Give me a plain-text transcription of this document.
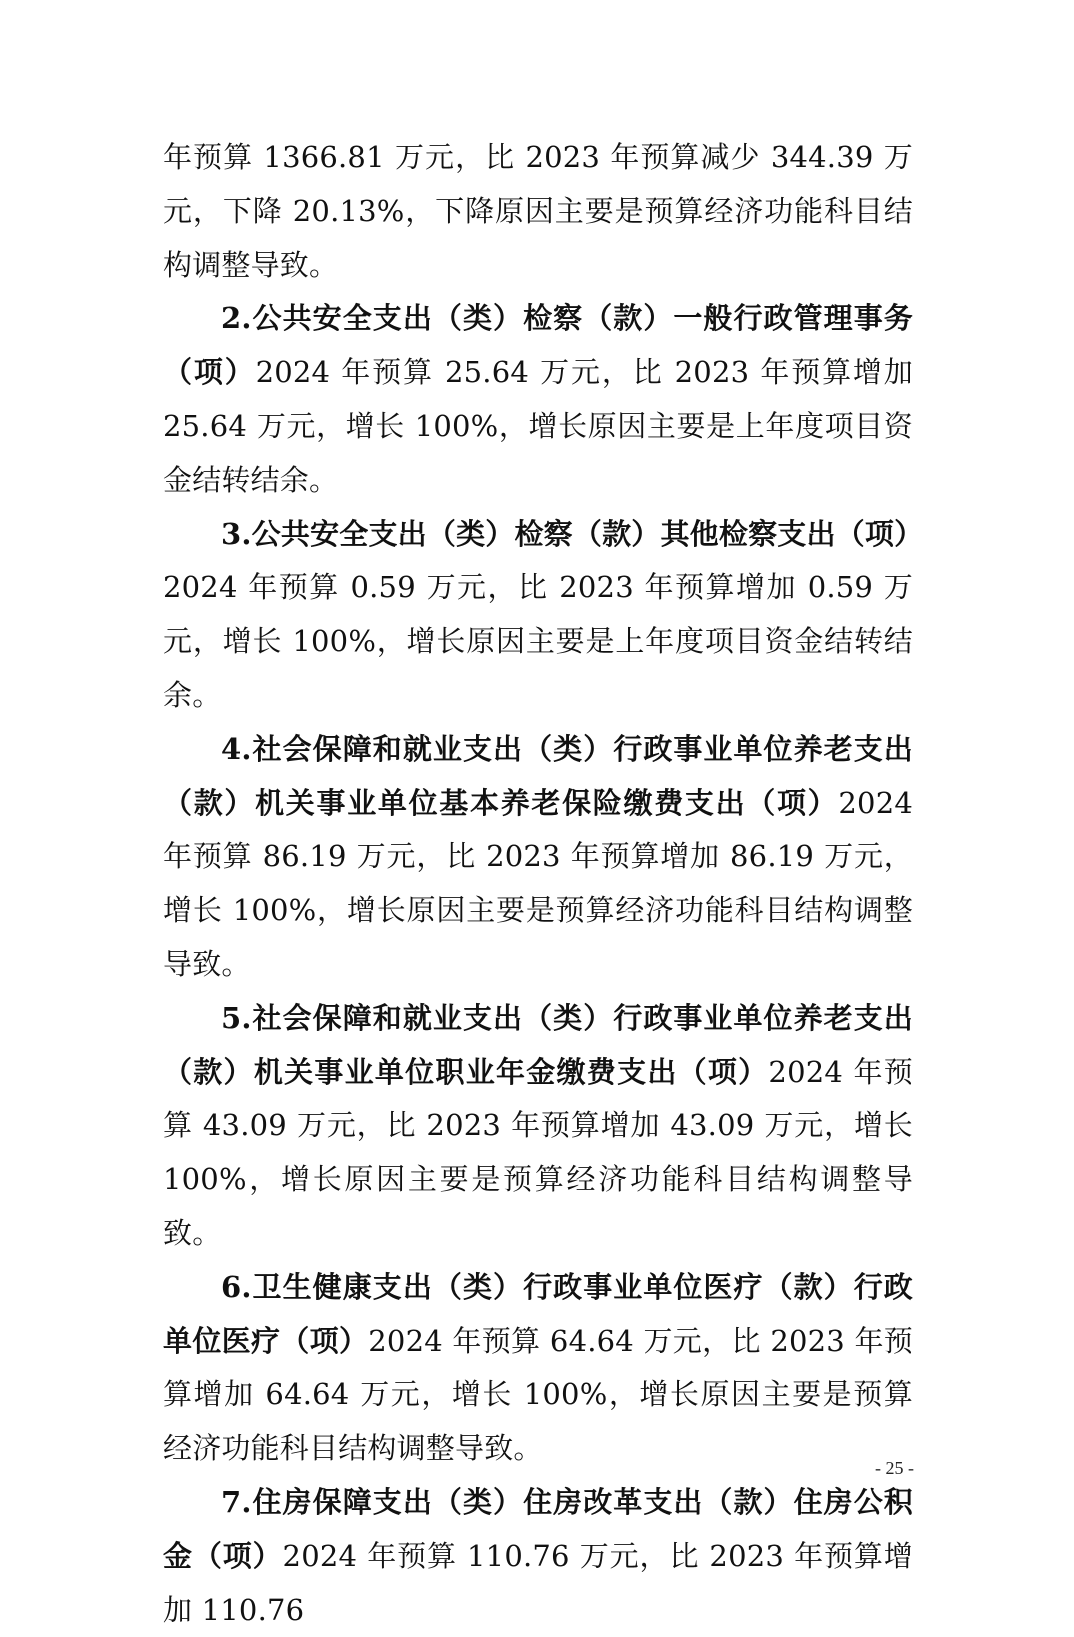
年预算 1366.81 万元，比 2023 年预算减少 344.39 万元，下降 20.13%，下降原因主要是预算经济功能科目结构调整导致。

2.公共安全支出（类）检察（款）一般行政管理事务（项）2024 年预算 25.64 万元，比 2023 年预算增加 25.64 万元，增长 100%，增长原因主要是上年度项目资金结转结余。

3.公共安全支出（类）检察（款）其他检察支出（项）2024 年预算 0.59 万元，比 2023 年预算增加 0.59 万元，增长 100%，增长原因主要是上年度项目资金结转结余。

4.社会保障和就业支出（类）行政事业单位养老支出（款）机关事业单位基本养老保险缴费支出（项）2024 年预算 86.19 万元，比 2023 年预算增加 86.19 万元，增长 100%，增长原因主要是预算经济功能科目结构调整导致。

5.社会保障和就业支出（类）行政事业单位养老支出（款）机关事业单位职业年金缴费支出（项）2024 年预算 43.09 万元，比 2023 年预算增加 43.09 万元，增长 100%，增长原因主要是预算经济功能科目结构调整导致。

6.卫生健康支出（类）行政事业单位医疗（款）行政单位医疗（项）2024 年预算 64.64 万元，比 2023 年预算增加 64.64 万元，增长 100%，增长原因主要是预算经济功能科目结构调整导致。

7.住房保障支出（类）住房改革支出（款）住房公积金（项）2024 年预算 110.76 万元，比 2023 年预算增加 110.76

- 25 -
